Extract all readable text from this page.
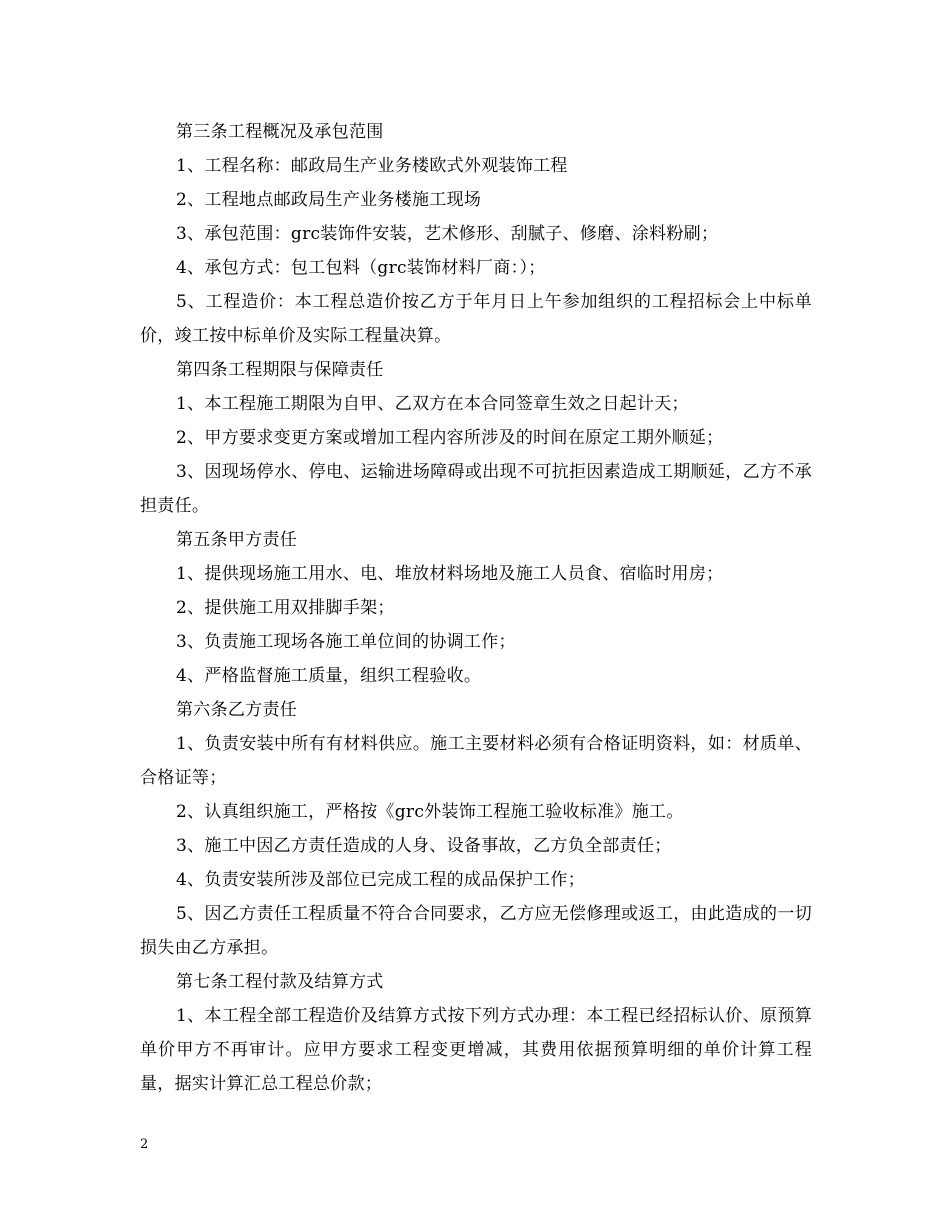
第三条工程概况及承包范围

1、工程名称：邮政局生产业务楼欧式外观装饰工程

2、工程地点邮政局生产业务楼施工现场

3、承包范围：grc装饰件安装，艺术修形、刮腻子、修磨、涂料粉刷；

4、承包方式：包工包料（grc装饰材料厂商：）；

5、工程造价：本工程总造价按乙方于年月日上午参加组织的工程招标会上中标单价，竣工按中标单价及实际工程量决算。

第四条工程期限与保障责任

1、本工程施工期限为自甲、乙双方在本合同签章生效之日起计天；

2、甲方要求变更方案或增加工程内容所涉及的时间在原定工期外顺延；

3、因现场停水、停电、运输进场障碍或出现不可抗拒因素造成工期顺延，乙方不承担责任。

第五条甲方责任

1、提供现场施工用水、电、堆放材料场地及施工人员食、宿临时用房；

2、提供施工用双排脚手架；

3、负责施工现场各施工单位间的协调工作；

4、严格监督施工质量，组织工程验收。

第六条乙方责任

1、负责安装中所有有材料供应。施工主要材料必须有合格证明资料，如：材质单、合格证等；

2、认真组织施工，严格按《grc外装饰工程施工验收标准》施工。

3、施工中因乙方责任造成的人身、设备事故，乙方负全部责任；

4、负责安装所涉及部位已完成工程的成品保护工作；

5、因乙方责任工程质量不符合合同要求，乙方应无偿修理或返工，由此造成的一切损失由乙方承担。

第七条工程付款及结算方式

1、本工程全部工程造价及结算方式按下列方式办理：本工程已经招标认价、原预算单价甲方不再审计。应甲方要求工程变更增减，其费用依据预算明细的单价计算工程量，据实计算汇总工程总价款；

2
